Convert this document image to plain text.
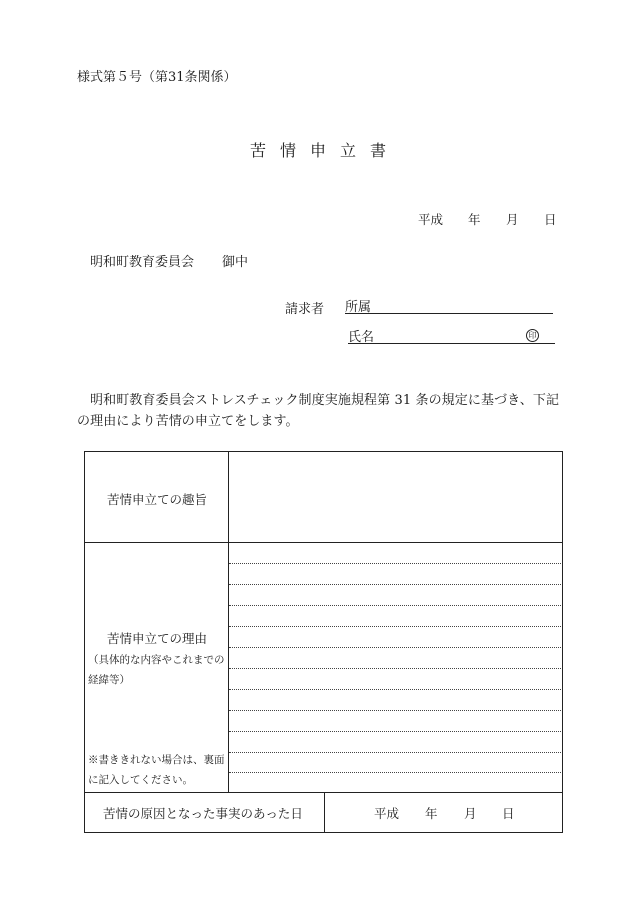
様式第５号（第31条関係）
苦 情 申 立 書
平成 年 月 日
明和町教育委員会 御中
請求者 所属
氏名	印
明和町教育委員会ストレスチェック制度実施規程第 31 条の規定に基づき、下記の理由により苦情の申立てをします。
苦情申立ての趣旨
苦情申立ての理由
（具体的な内容やこれまでの
経緯等）
※書ききれない場合は、裏面
に記入してください。
苦情の原因となった事実のあった日	平成 年 月 日
